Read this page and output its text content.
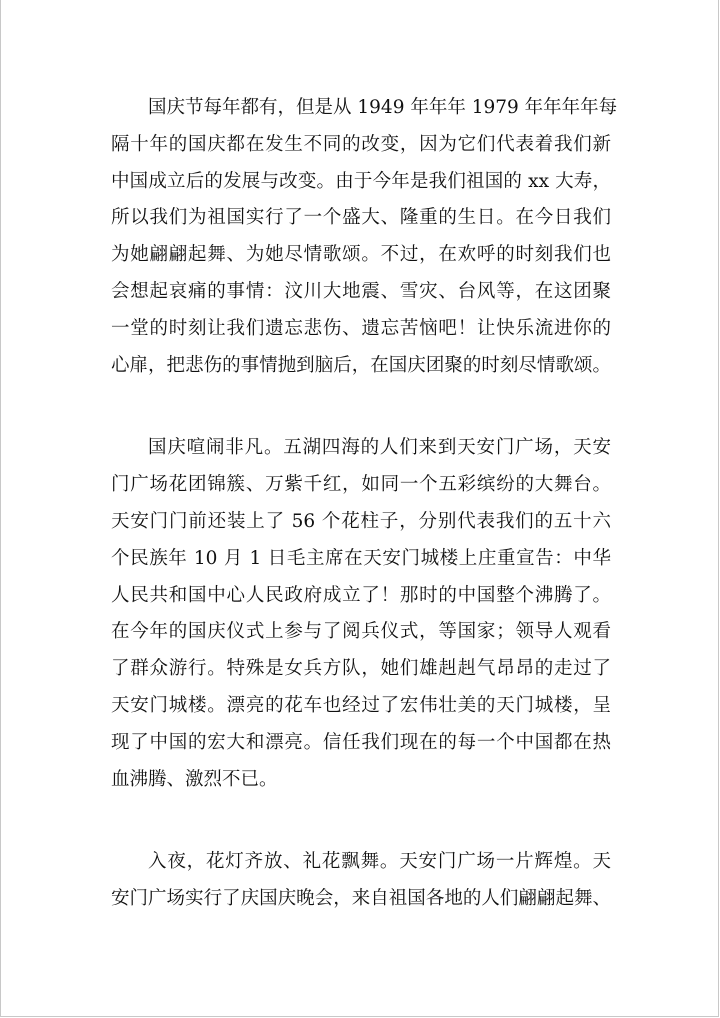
国庆节每年都有，但是从 1949 年年年 1979 年年年年每
隔十年的国庆都在发生不同的改变，因为它们代表着我们新
中国成立后的发展与改变。由于今年是我们祖国的 xx 大寿，
所以我们为祖国实行了一个盛大、隆重的生日。在今日我们
为她翩翩起舞、为她尽情歌颂。不过，在欢呼的时刻我们也
会想起哀痛的事情：汶川大地震、雪灾、台风等，在这团聚
一堂的时刻让我们遗忘悲伤、遗忘苦恼吧！让快乐流进你的
心扉，把悲伤的事情抛到脑后，在国庆团聚的时刻尽情歌颂。

国庆喧闹非凡。五湖四海的人们来到天安门广场，天安
门广场花团锦簇、万紫千红，如同一个五彩缤纷的大舞台。
天安门门前还装上了 56 个花柱子，分别代表我们的五十六
个民族年 10 月 1 日毛主席在天安门城楼上庄重宣告：中华
人民共和国中心人民政府成立了！那时的中国整个沸腾了。
在今年的国庆仪式上参与了阅兵仪式，等国家；领导人观看
了群众游行。特殊是女兵方队，她们雄赳赳气昂昂的走过了
天安门城楼。漂亮的花车也经过了宏伟壮美的天门城楼，呈
现了中国的宏大和漂亮。信任我们现在的每一个中国都在热
血沸腾、激烈不已。

入夜，花灯齐放、礼花飘舞。天安门广场一片辉煌。天
安门广场实行了庆国庆晚会，来自祖国各地的人们翩翩起舞、
